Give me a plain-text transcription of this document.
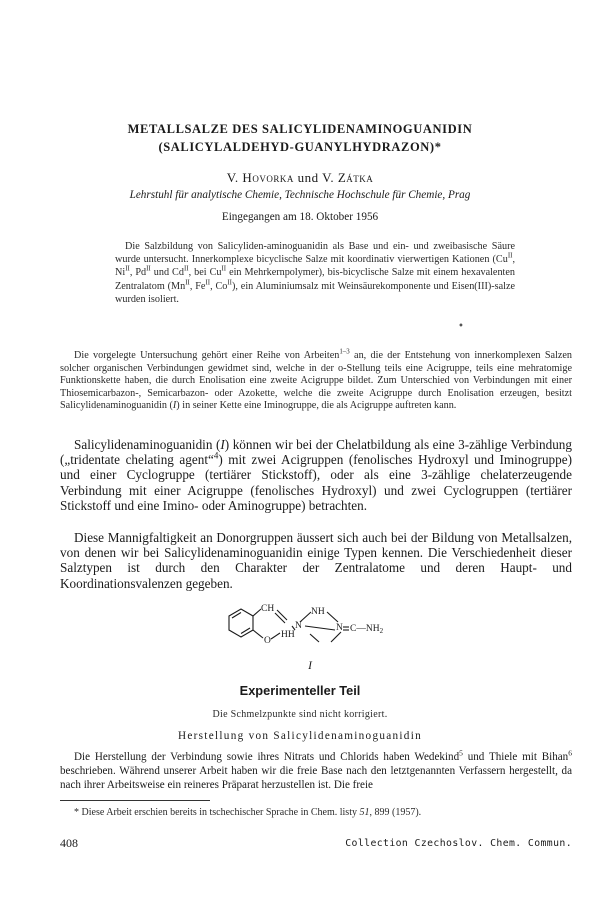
METALLSALZE DES SALICYLIDENAMINOGUANIDIN
(SALICYLALDEHYD-GUANYLHYDRAZON)*
V. Hovorka und V. Zátka
Lehrstuhl für analytische Chemie, Technische Hochschule für Chemie, Prag
Eingegangen am 18. Oktober 1956
Die Salzbildung von Salicyliden-aminoguanidin als Base und ein- und zweibasische Säure wurde untersucht. Innerkomplexe bicyclische Salze mit koordinativ vierwertigen Kationen ($Cu^{II}$, $Ni^{II}$, $Pd^{II}$ und $Cd^{II}$, bei $Cu^{II}$ ein Mehrkernpolymer), bis-bicyclische Salze mit einem hexavalenten Zentralatom ($Mn^{II}$, $Fe^{II}$, $Co^{II}$), ein Aluminiumsalz mit Weinsäurekomponente und Eisen(III)-salze wurden isoliert.
•
Die vorgelegte Untersuchung gehört einer Reihe von Arbeiten$^{1-3}$ an, die der Entstehung von innerkomplexen Salzen solcher organischen Verbindungen gewidmet sind, welche in der o-Stellung teils eine Acigruppe, teils eine mehratomige Funktionskette haben, die durch Enolisation eine zweite Acigruppe bildet. Zum Unterschied von Verbindungen mit einer Thiosemicarbazon-, Semicarbazon- oder Azokette, welche die zweite Acigruppe durch Enolisation erzeugen, besitzt Salicylidenaminoguanidin (I) in seiner Kette eine Iminogruppe, die als Acigruppe auftreten kann.
Salicylidenaminoguanidin (I) können wir bei der Chelatbildung als eine 3-zählige Verbindung („tridentate chelating agent“$^4$) mit zwei Acigruppen (fenolisches Hydroxyl und Iminogruppe) und einer Cyclogruppe (tertiärer Stickstoff), oder als eine 3-zählige chelaterzeugende Verbindung mit einer Acigruppe (fenolisches Hydroxyl) und zwei Cyclogruppen (tertiärer Stickstoff und eine Imino- oder Aminogruppe) betrachten.
Diese Mannigfaltigkeit an Donorgruppen äussert sich auch bei der Bildung von Metallsalzen, von denen wir bei Salicylidenaminoguanidin einige Typen kennen. Die Verschiedenheit dieser Salztypen ist durch den Charakter der Zentralatome und deren Haupt- und Koordinationsvalenzen gegeben.
CH	NH
N	N
HH
O
$C—NH_2$
I
Experimenteller Teil
Die Schmelzpunkte sind nicht korrigiert.
Herstellung von Salicylidenaminoguanidin
Die Herstellung der Verbindung sowie ihres Nitrats und Chlorids haben Wedekind$^5$ und Thiele mit Bihan$^6$ beschrieben. Während unserer Arbeit haben wir die freie Base nach den letztgenannten Verfassern hergestellt, da nach ihrer Arbeitsweise ein reineres Präparat herzustellen ist. Die freie
* Diese Arbeit erschien bereits in tschechischer Sprache in Chem. listy 51, 899 (1957).
408	Collection Czechoslov. Chem. Commun.
